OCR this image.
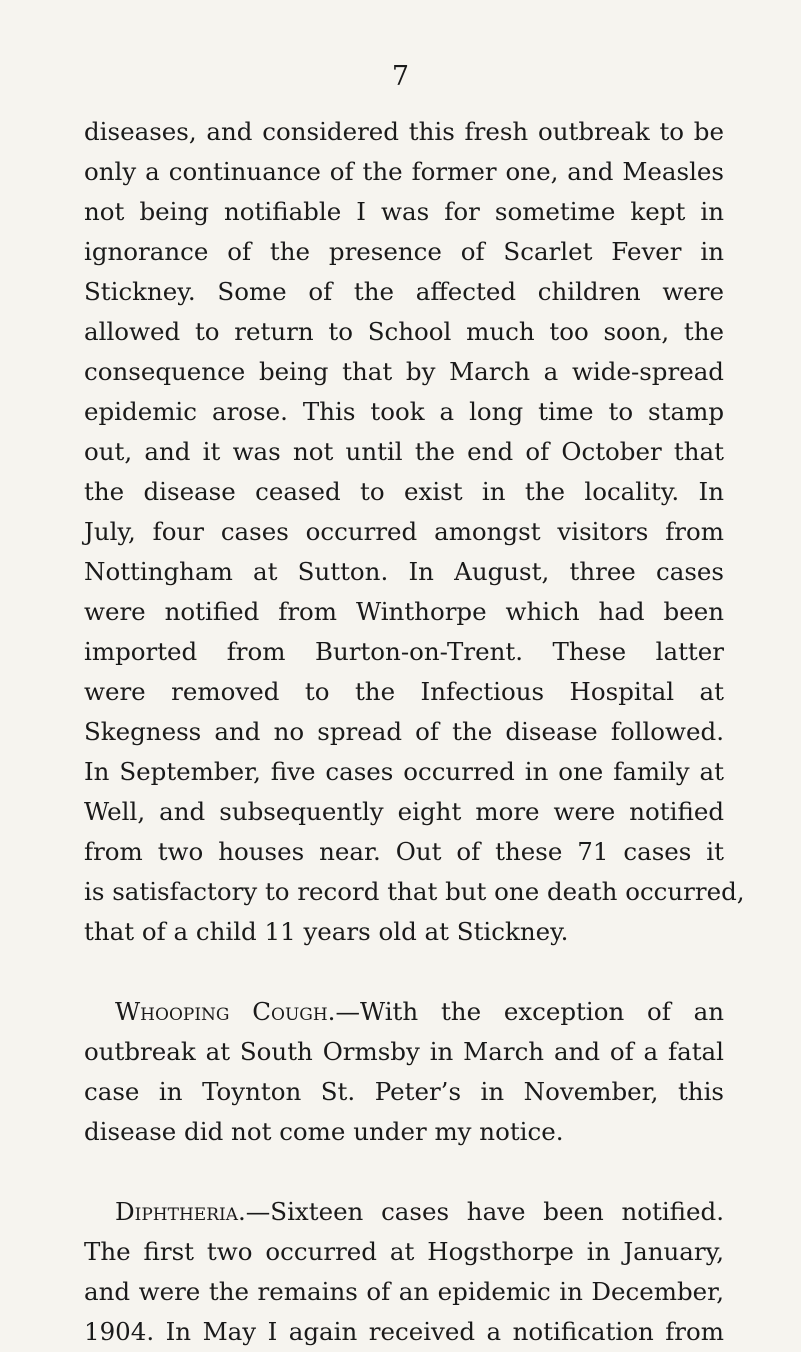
7
diseases, and considered this fresh outbreak to be
only a continuance of the former one, and Measles
not being notifiable I was for sometime kept in
ignorance of the presence of Scarlet Fever in
Stickney. Some of the affected children were
allowed to return to School much too soon, the
consequence being that by March a wide-spread
epidemic arose. This took a long time to stamp
out, and it was not until the end of October that
the disease ceased to exist in the locality. In
July, four cases occurred amongst visitors from
Nottingham at Sutton. In August, three cases
were notified from Winthorpe which had been
imported from Burton-on-Trent. These latter
were removed to the Infectious Hospital at
Skegness and no spread of the disease followed.
In September, five cases occurred in one family at
Well, and subsequently eight more were notified
from two houses near. Out of these 71 cases it
is satisfactory to record that but one death occurred,
that of a child 11 years old at Stickney.
Whooping Cough.—With the exception of an
outbreak at South Ormsby in March and of a fatal
case in Toynton St. Peter’s in November, this
disease did not come under my notice.
Diphtheria.—Sixteen cases have been notified.
The first two occurred at Hogsthorpe in January,
and were the remains of an epidemic in December,
1904. In May I again received a notification from
